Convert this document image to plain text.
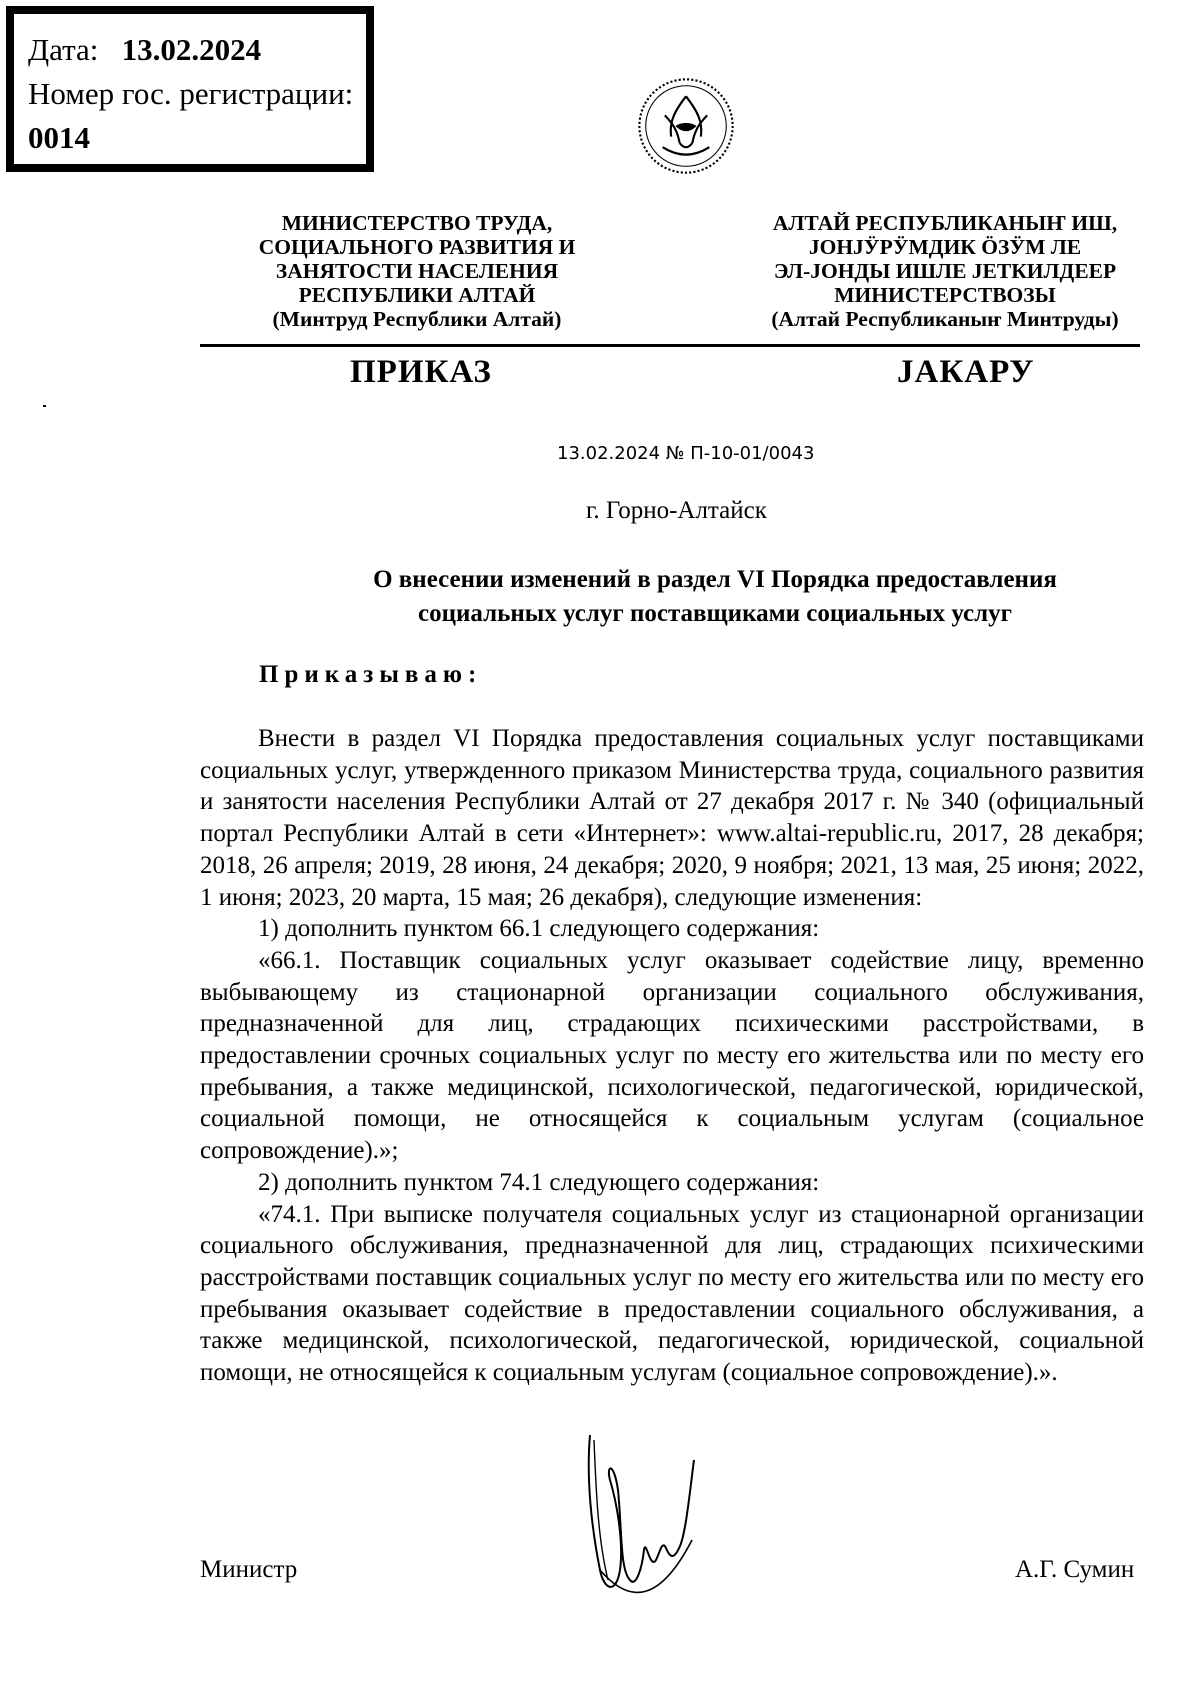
Дата: 13.02.2024
Номер гос. регистрации:
0014
МИНИСТЕРСТВО ТРУДА,
СОЦИАЛЬНОГО РАЗВИТИЯ И
ЗАНЯТОСТИ НАСЕЛЕНИЯ
РЕСПУБЛИКИ АЛТАЙ
(Минтруд Республики Алтай)
АЛТАЙ РЕСПУБЛИКАНЫҤ ИШ,
ЈОНЈӰРӰМДИК ӦЗӰМ ЛЕ
ЭЛ-ЈОНДЫ ИШЛЕ ЈЕТКИЛДЕЕР
МИНИСТЕРСТВОЗЫ
(Алтай Республиканыҥ Минтруды)
ПРИКАЗ	ЈАКАРУ
13.02.2024 № П-10-01/0043
г. Горно-Алтайск
О внесении изменений в раздел VI Порядка предоставления
социальных услуг поставщиками социальных услуг
Приказываю:

Внести в раздел VI Порядка предоставления социальных услуг поставщиками социальных услуг, утвержденного приказом Министерства труда, социального развития и занятости населения Республики Алтай от 27 декабря 2017 г. № 340 (официальный портал Республики Алтай в сети «Интернет»: www.altai-republic.ru, 2017, 28 декабря; 2018, 26 апреля; 2019, 28 июня, 24 декабря; 2020, 9 ноября; 2021, 13 мая, 25 июня; 2022, 1 июня; 2023, 20 марта, 15 мая; 26 декабря), следующие изменения:

1) дополнить пунктом 66.1 следующего содержания:

«66.1. Поставщик социальных услуг оказывает содействие лицу, временно выбывающему из стационарной организации социального обслуживания, предназначенной для лиц, страдающих психическими расстройствами, в предоставлении срочных социальных услуг по месту его жительства или по месту его пребывания, а также медицинской, психологической, педагогической, юридической, социальной помощи, не относящейся к социальным услугам (социальное сопровождение).»;

2) дополнить пунктом 74.1 следующего содержания:

«74.1. При выписке получателя социальных услуг из стационарной организации социального обслуживания, предназначенной для лиц, страдающих психическими расстройствами поставщик социальных услуг по месту его жительства или по месту его пребывания оказывает содействие в предоставлении социального обслуживания, а также медицинской, психологической, педагогической, юридической, социальной помощи, не относящейся к социальным услугам (социальное сопровождение).».

Министр	А.Г. Сумин
